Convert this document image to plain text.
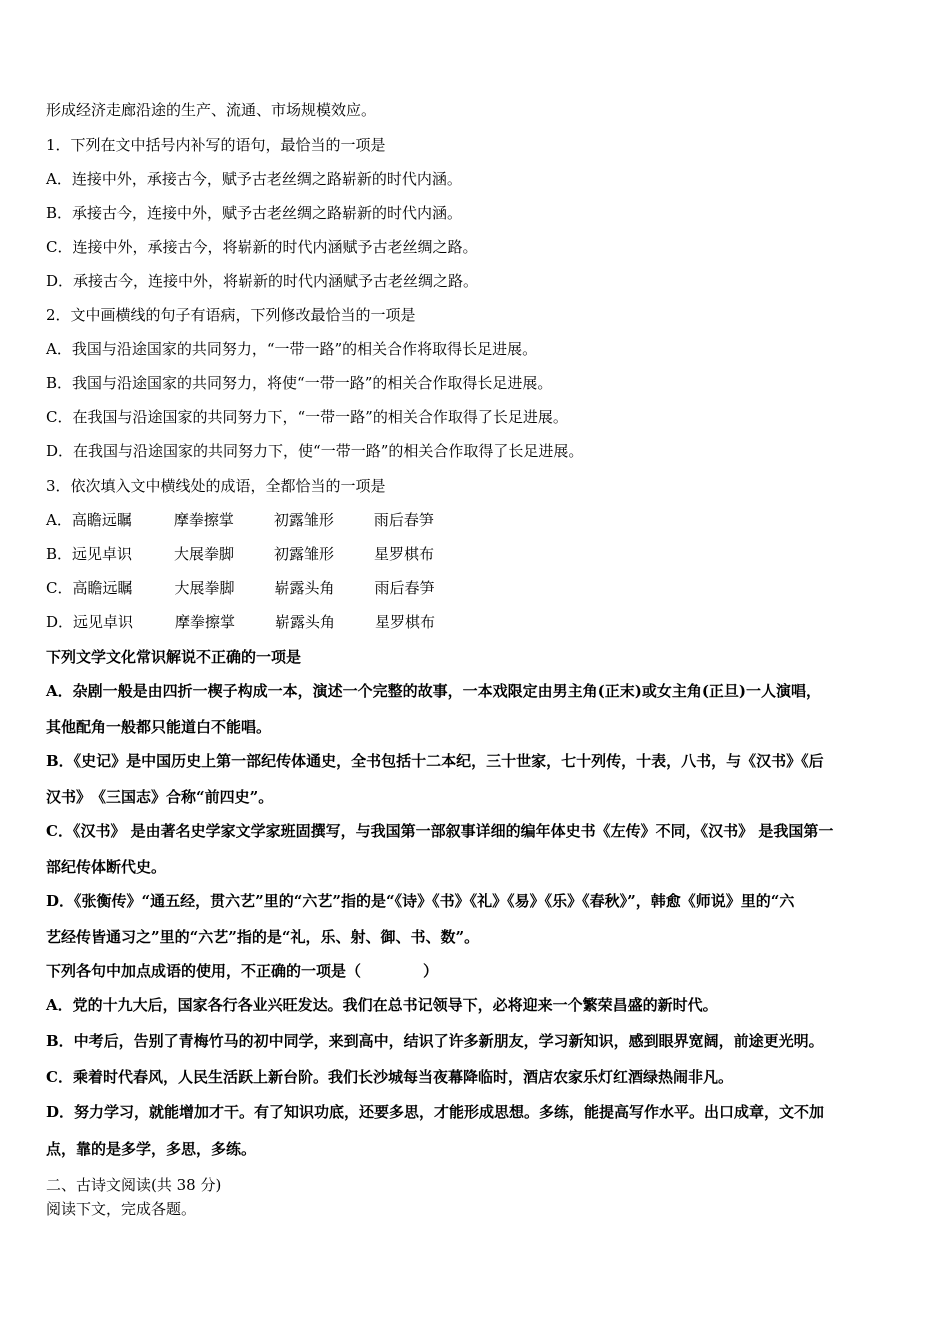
形成经济走廊沿途的生产、流通、市场规模效应。
1．下列在文中括号内补写的语句，最恰当的一项是
A．连接中外，承接古今，赋予古老丝绸之路崭新的时代内涵。
B．承接古今，连接中外，赋予古老丝绸之路崭新的时代内涵。
C．连接中外，承接古今，将崭新的时代内涵赋予古老丝绸之路。
D．承接古今，连接中外，将崭新的时代内涵赋予古老丝绸之路。
2．文中画横线的句子有语病，下列修改最恰当的一项是
A．我国与沿途国家的共同努力，“一带一路”的相关合作将取得长足进展。
B．我国与沿途国家的共同努力，将使“一带一路”的相关合作取得长足进展。
C．在我国与沿途国家的共同努力下，“一带一路”的相关合作取得了长足进展。
D．在我国与沿途国家的共同努力下，使“一带一路”的相关合作取得了长足进展。
3．依次填入文中横线处的成语，全都恰当的一项是
A．高瞻远瞩	摩拳擦掌	初露雏形	雨后春笋
B．远见卓识	大展拳脚	初露雏形	星罗棋布
C．高瞻远瞩	大展拳脚	崭露头角	雨后春笋
D．远见卓识	摩拳擦掌	崭露头角	星罗棋布
下列文学文化常识解说不正确的一项是
A．杂剧一般是由四折一楔子构成一本，演述一个完整的故事，一本戏限定由男主角(正末)或女主角(正旦)一人演唱，
其他配角一般都只能道白不能唱。
B．《史记》是中国历史上第一部纪传体通史，全书包括十二本纪，三十世家，七十列传，十表，八书，与《汉书》《后
汉书》　《三国志》合称“前四史”。
C．《汉书》 是由著名史学家文学家班固撰写，与我国第一部叙事详细的编年体史书《左传》不同，《汉书》 是我国第一
部纪传体断代史。
D．《张衡传》“通五经，贯六艺”里的“六艺”指的是“《诗》《书》《礼》《易》《乐》《春秋》”，韩愈《师说》里的“六
艺经传皆通习之”里的“六艺”指的是“礼，乐、射、御、书、数”。
下列各句中加点成语的使用，不正确的一项是（	）
A．党的十九大后，国家各行各业兴旺发达。我们在总书记领导下，必将迎来一个繁荣昌盛的新时代。
B．中考后，告别了青梅竹马的初中同学，来到高中，结识了许多新朋友，学习新知识，感到眼界宽阔，前途更光明。
C．乘着时代春风，人民生活跃上新台阶。我们长沙城每当夜幕降临时，酒店农家乐灯红酒绿热闹非凡。
D．努力学习，就能增加才干。有了知识功底，还要多思，才能形成思想。多练，能提高写作水平。出口成章，文不加
点，靠的是多学，多思，多练。
二、古诗文阅读(共 38 分)
阅读下文，完成各题。
